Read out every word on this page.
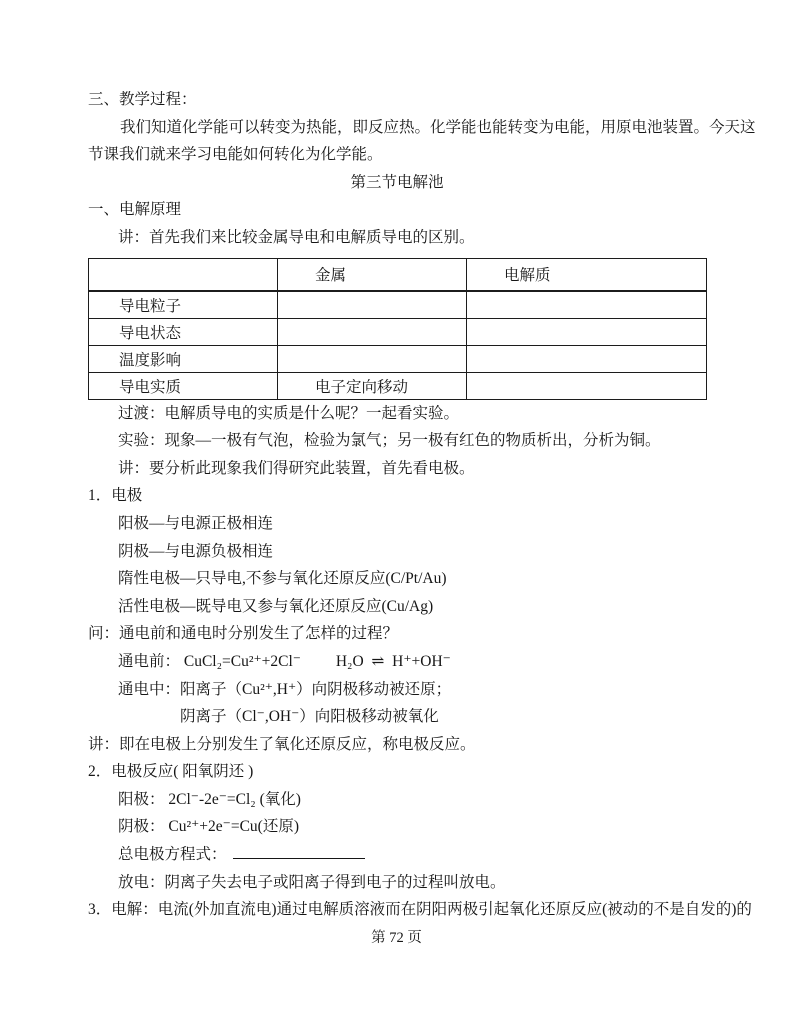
三、教学过程：
我们知道化学能可以转变为热能，即反应热。化学能也能转变为电能，用原电池装置。今天这
节课我们就来学习电能如何转化为化学能。
第三节电解池
一、电解原理
讲：首先我们来比较金属导电和电解质导电的区别。
	金属	电解质
导电粒子		
导电状态		
温度影响		
导电实质	电子定向移动	
过渡：电解质导电的实质是什么呢？一起看实验。
实验：现象—一极有气泡，检验为氯气；另一极有红色的物质析出，分析为铜。
讲：要分析此现象我们得研究此装置，首先看电极。
1．电极
阳极—与电源正极相连
阴极—与电源负极相连
隋性电极—只导电,不参与氧化还原反应(C/Pt/Au)
活性电极—既导电又参与氧化还原反应(Cu/Ag)
问：通电前和通电时分别发生了怎样的过程？
通电前： CuCl₂=Cu²⁺+2Cl⁻　　 H₂O  ⇌  H⁺+OH⁻
通电中：阳离子（Cu²⁺,H⁺）向阴极移动被还原；
阴离子（Cl⁻,OH⁻）向阳极移动被氧化
讲：即在电极上分别发生了氧化还原反应，称电极反应。
2．电极反应( 阳氧阴还 )
阳极： 2Cl⁻-2e⁻=Cl₂ (氧化)
阴极： Cu²⁺+2e⁻=Cu(还原)
总电极方程式：
放电：阴离子失去电子或阳离子得到电子的过程叫放电。
3．电解：电流(外加直流电)通过电解质溶液而在阴阳两极引起氧化还原反应(被动的不是自发的)的
第 72 页
